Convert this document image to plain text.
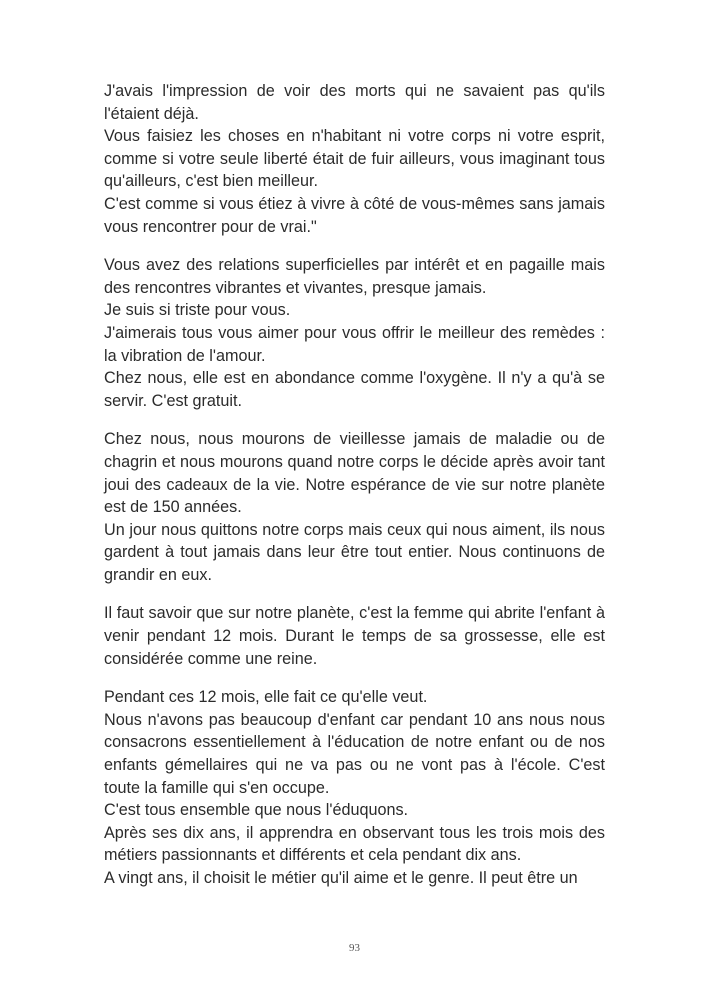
J'avais l'impression de voir des morts qui ne savaient pas qu'ils l'étaient déjà.
Vous faisiez les choses en n'habitant ni votre corps ni votre esprit, comme si votre seule liberté était de fuir ailleurs, vous imaginant tous qu'ailleurs, c'est bien meilleur.
C'est comme si vous étiez à vivre à côté de vous-mêmes sans jamais vous rencontrer pour de vrai."

Vous avez des relations superficielles par intérêt et en pagaille mais des rencontres vibrantes et vivantes, presque jamais.
Je suis si triste pour vous.
J'aimerais tous vous aimer pour vous offrir le meilleur des remèdes : la vibration de l'amour.
Chez nous, elle est en abondance comme l'oxygène. Il n'y a qu'à se servir. C'est gratuit.

Chez nous, nous mourons de vieillesse jamais de maladie ou de chagrin et nous mourons quand notre corps le décide après avoir tant joui des cadeaux de la vie. Notre espérance de vie sur notre planète est de 150 années.
Un jour nous quittons notre corps mais ceux qui nous aiment, ils nous gardent à tout jamais dans leur être tout entier. Nous continuons de grandir en eux.

Il faut savoir que sur notre planète, c'est la femme qui abrite l'enfant à venir pendant 12 mois. Durant le temps de sa grossesse, elle est considérée comme une reine.

Pendant ces 12 mois, elle fait ce qu'elle veut.
Nous n'avons pas beaucoup d'enfant car pendant 10 ans nous nous consacrons essentiellement à l'éducation de notre enfant ou de nos enfants gémellaires qui ne va pas ou ne vont pas à l'école. C'est toute la famille qui s'en occupe.
C'est tous ensemble que nous l'éduquons.
Après ses dix ans, il apprendra en observant tous les trois mois des métiers passionnants et différents et cela pendant dix ans.
A vingt ans, il choisit le métier qu'il aime et le genre. Il peut être un

93
